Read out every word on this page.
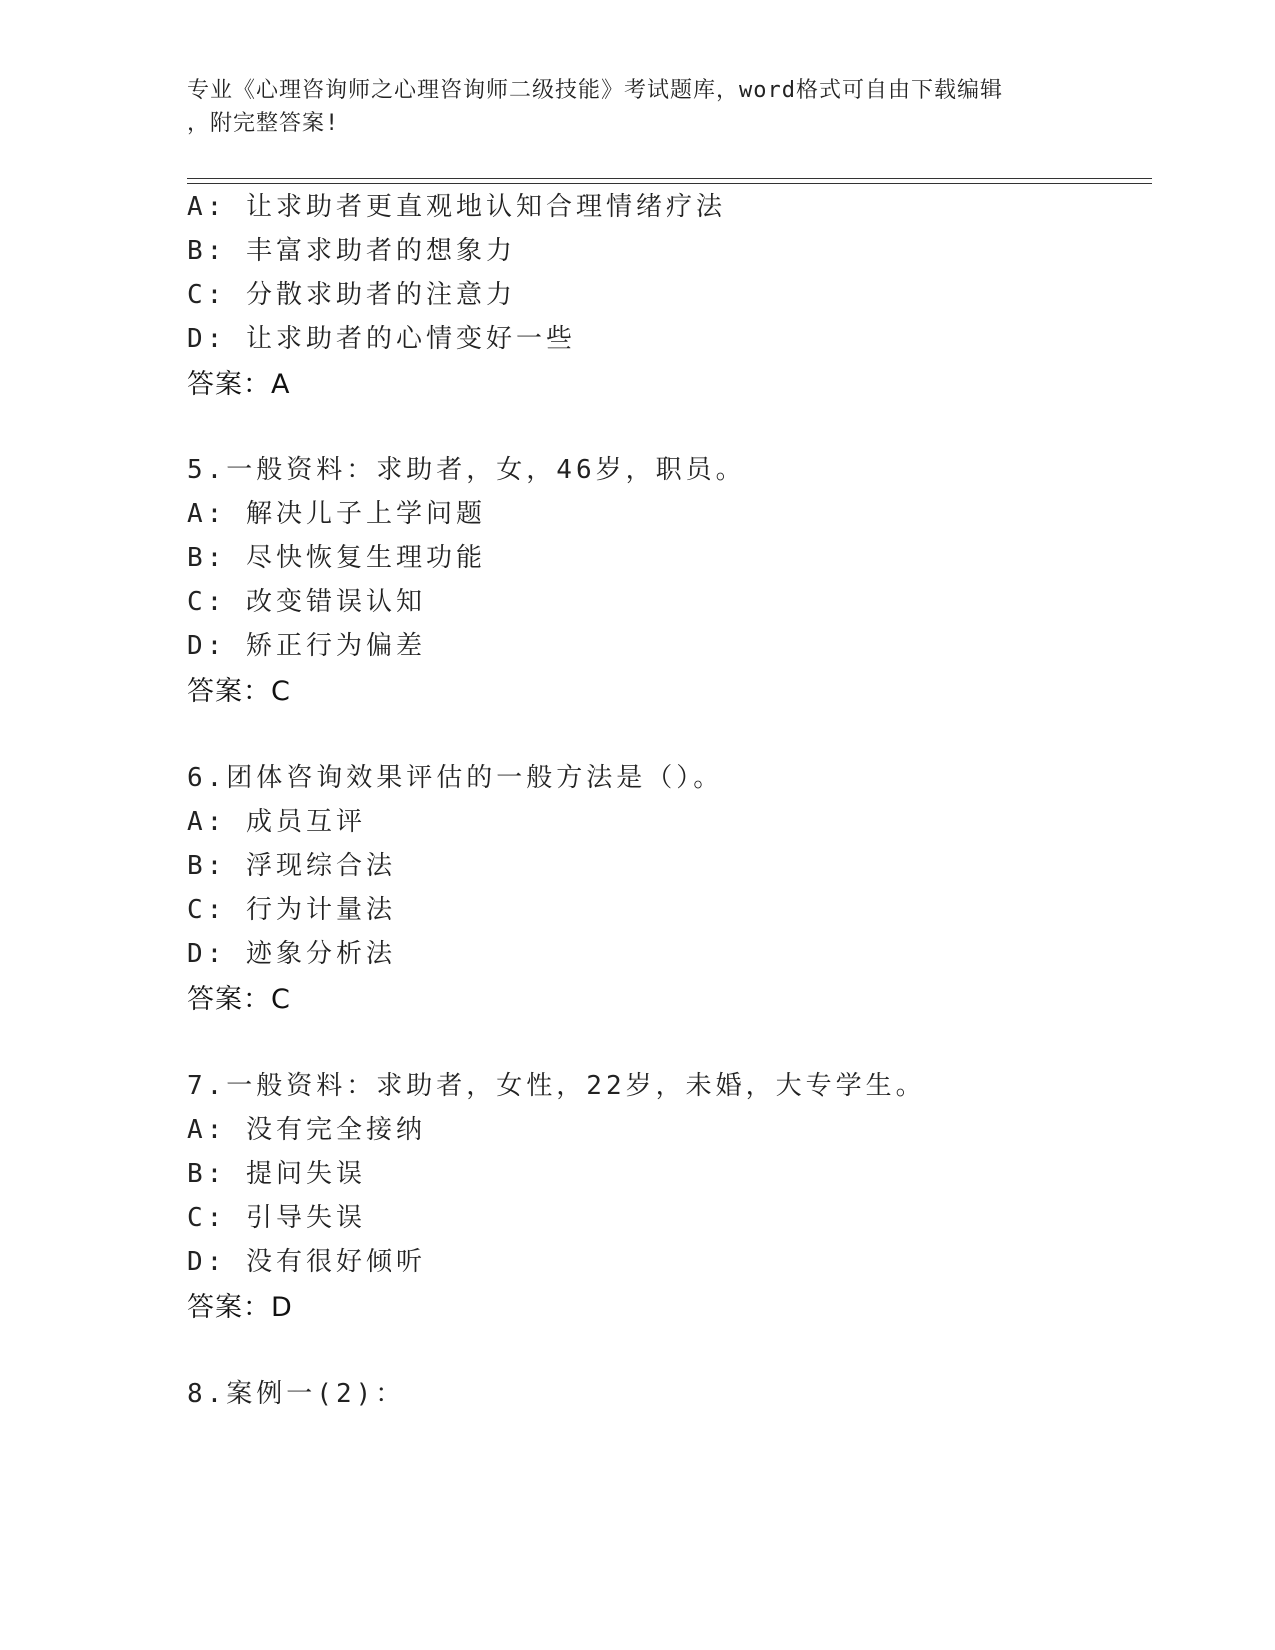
专业《心理咨询师之心理咨询师二级技能》考试题库，word格式可自由下载编辑
，附完整答案!
A: 让求助者更直观地认知合理情绪疗法
B: 丰富求助者的想象力
C: 分散求助者的注意力
D: 让求助者的心情变好一些
答案：A
5.一般资料：求助者，女，46岁，职员。
A: 解决儿子上学问题
B: 尽快恢复生理功能
C: 改变错误认知
D: 矫正行为偏差
答案：C
6.团体咨询效果评估的一般方法是（）。
A: 成员互评
B: 浮现综合法
C: 行为计量法
D: 迹象分析法
答案：C
7.一般资料：求助者，女性，22岁，未婚，大专学生。
A: 没有完全接纳
B: 提问失误
C: 引导失误
D: 没有很好倾听
答案：D
8.案例一(2)：
